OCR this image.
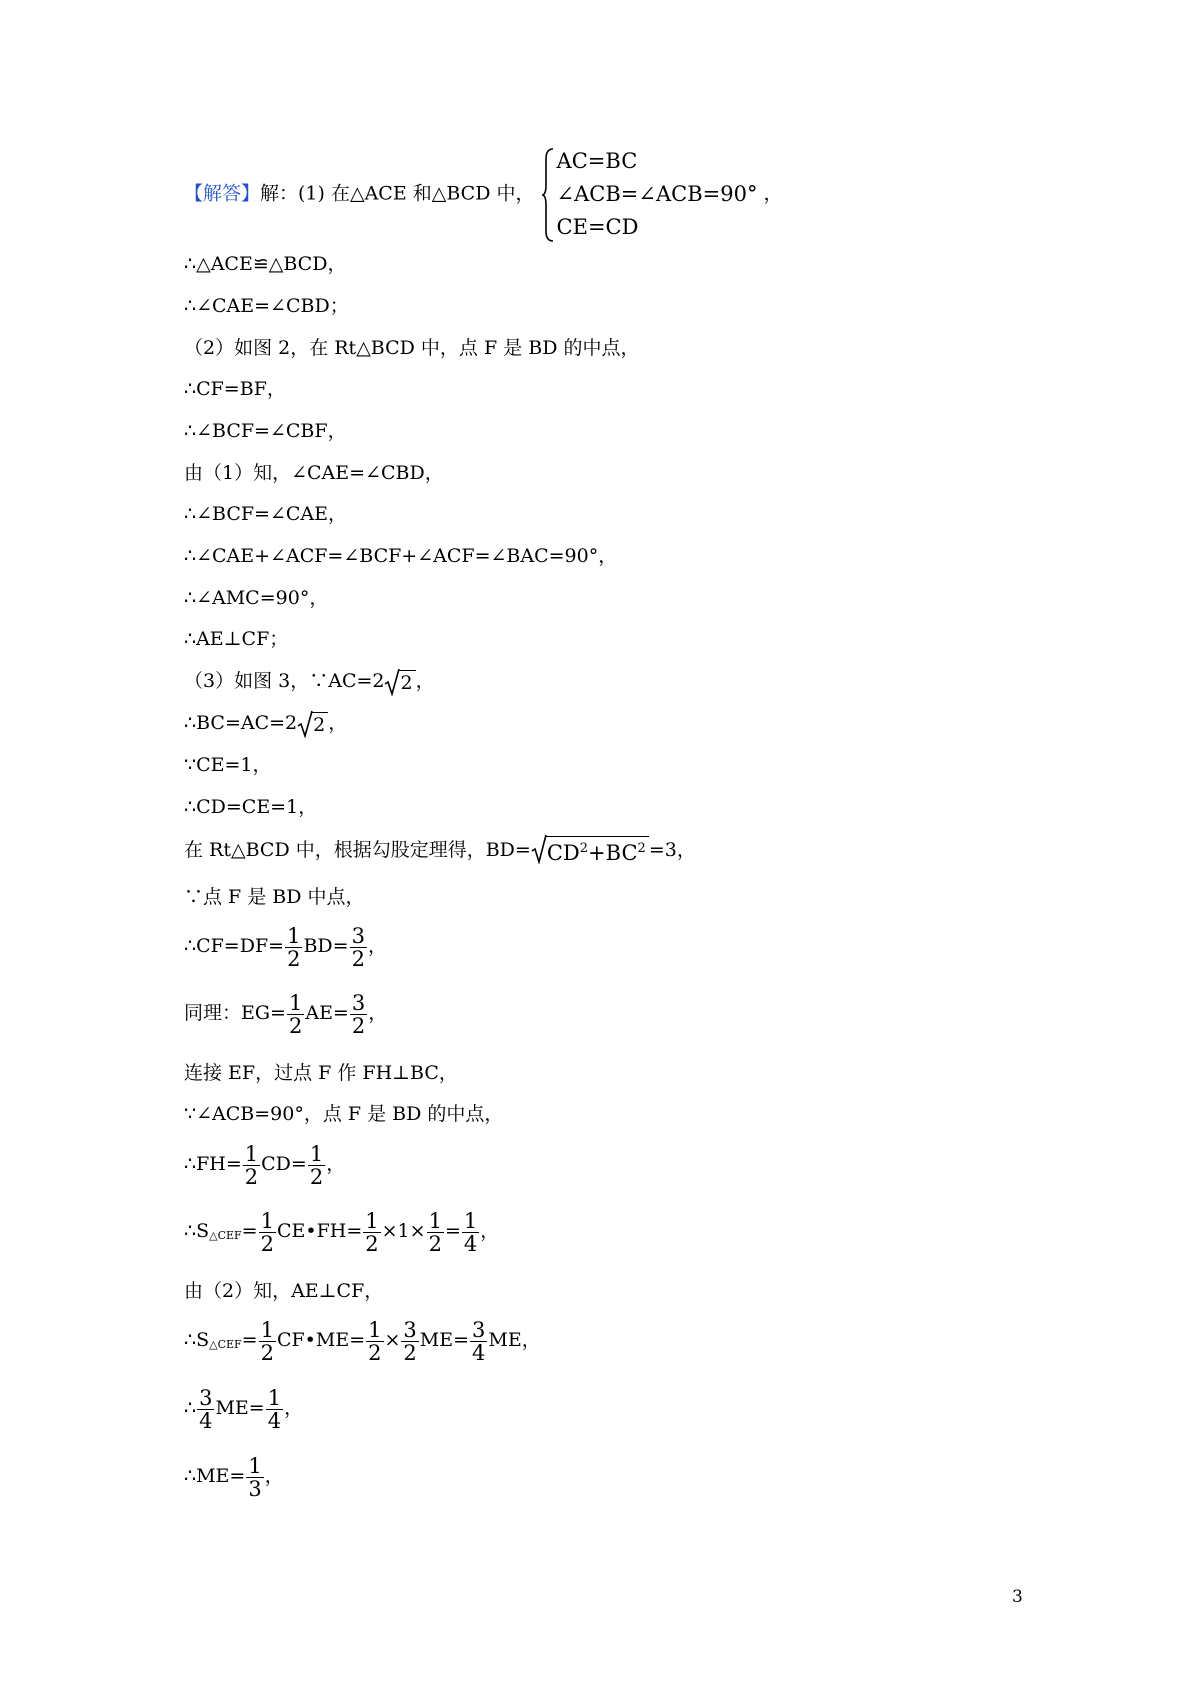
【解答】解：(1) 在△ACE 和△BCD 中，
AC=BC
∠ACB=∠ACB=90°
CE=CD
，
∴△ACE≌△BCD，
∴∠CAE=∠CBD；
（2）如图 2，在 Rt△BCD 中，点 F 是 BD 的中点，
∴CF=BF，
∴∠BCF=∠CBF，
由（1）知，∠CAE=∠CBD，
∴∠BCF=∠CAE，
∴∠CAE+∠ACF=∠BCF+∠ACF=∠BAC=90°，
∴∠AMC=90°，
∴AE⊥CF；
（3）如图 3，∵AC=2 2 ，
∴BC=AC=2 2 ，
∵CE=1，
∴CD=CE=1，
在 Rt△BCD 中，根据勾股定理得，$BD= CD^2+BC^2 =3$，
∵点 F 是 BD 中点，
∴CF=DF= $\frac{1}{2} BD= \frac{3}{2}$ ，
同理：$EG= \frac{1}{2} AE= \frac{3}{2}$ ，
连接 EF，过点 F 作 FH⊥BC，
∵∠ACB=90°，点 F 是 BD 的中点，
∴FH= $\frac{1}{2} CD= \frac{1}{2}$ ，
∴S△CEF= $\frac{1}{2}$ CE•FH= $\frac{1}{2} \times 1\times \frac{1}{2} = \frac{1}{4}$ ，
由（2）知，AE⊥CF，
∴S△CEF= $\frac{1}{2}$ CF•ME= $\frac{1}{2} \times \frac{3}{2} ME= \frac{3}{4}$ ME，
∴ $\frac{3}{4} ME= \frac{1}{4}$ ，
∴ME= $\frac{1}{3}$ ，
3
